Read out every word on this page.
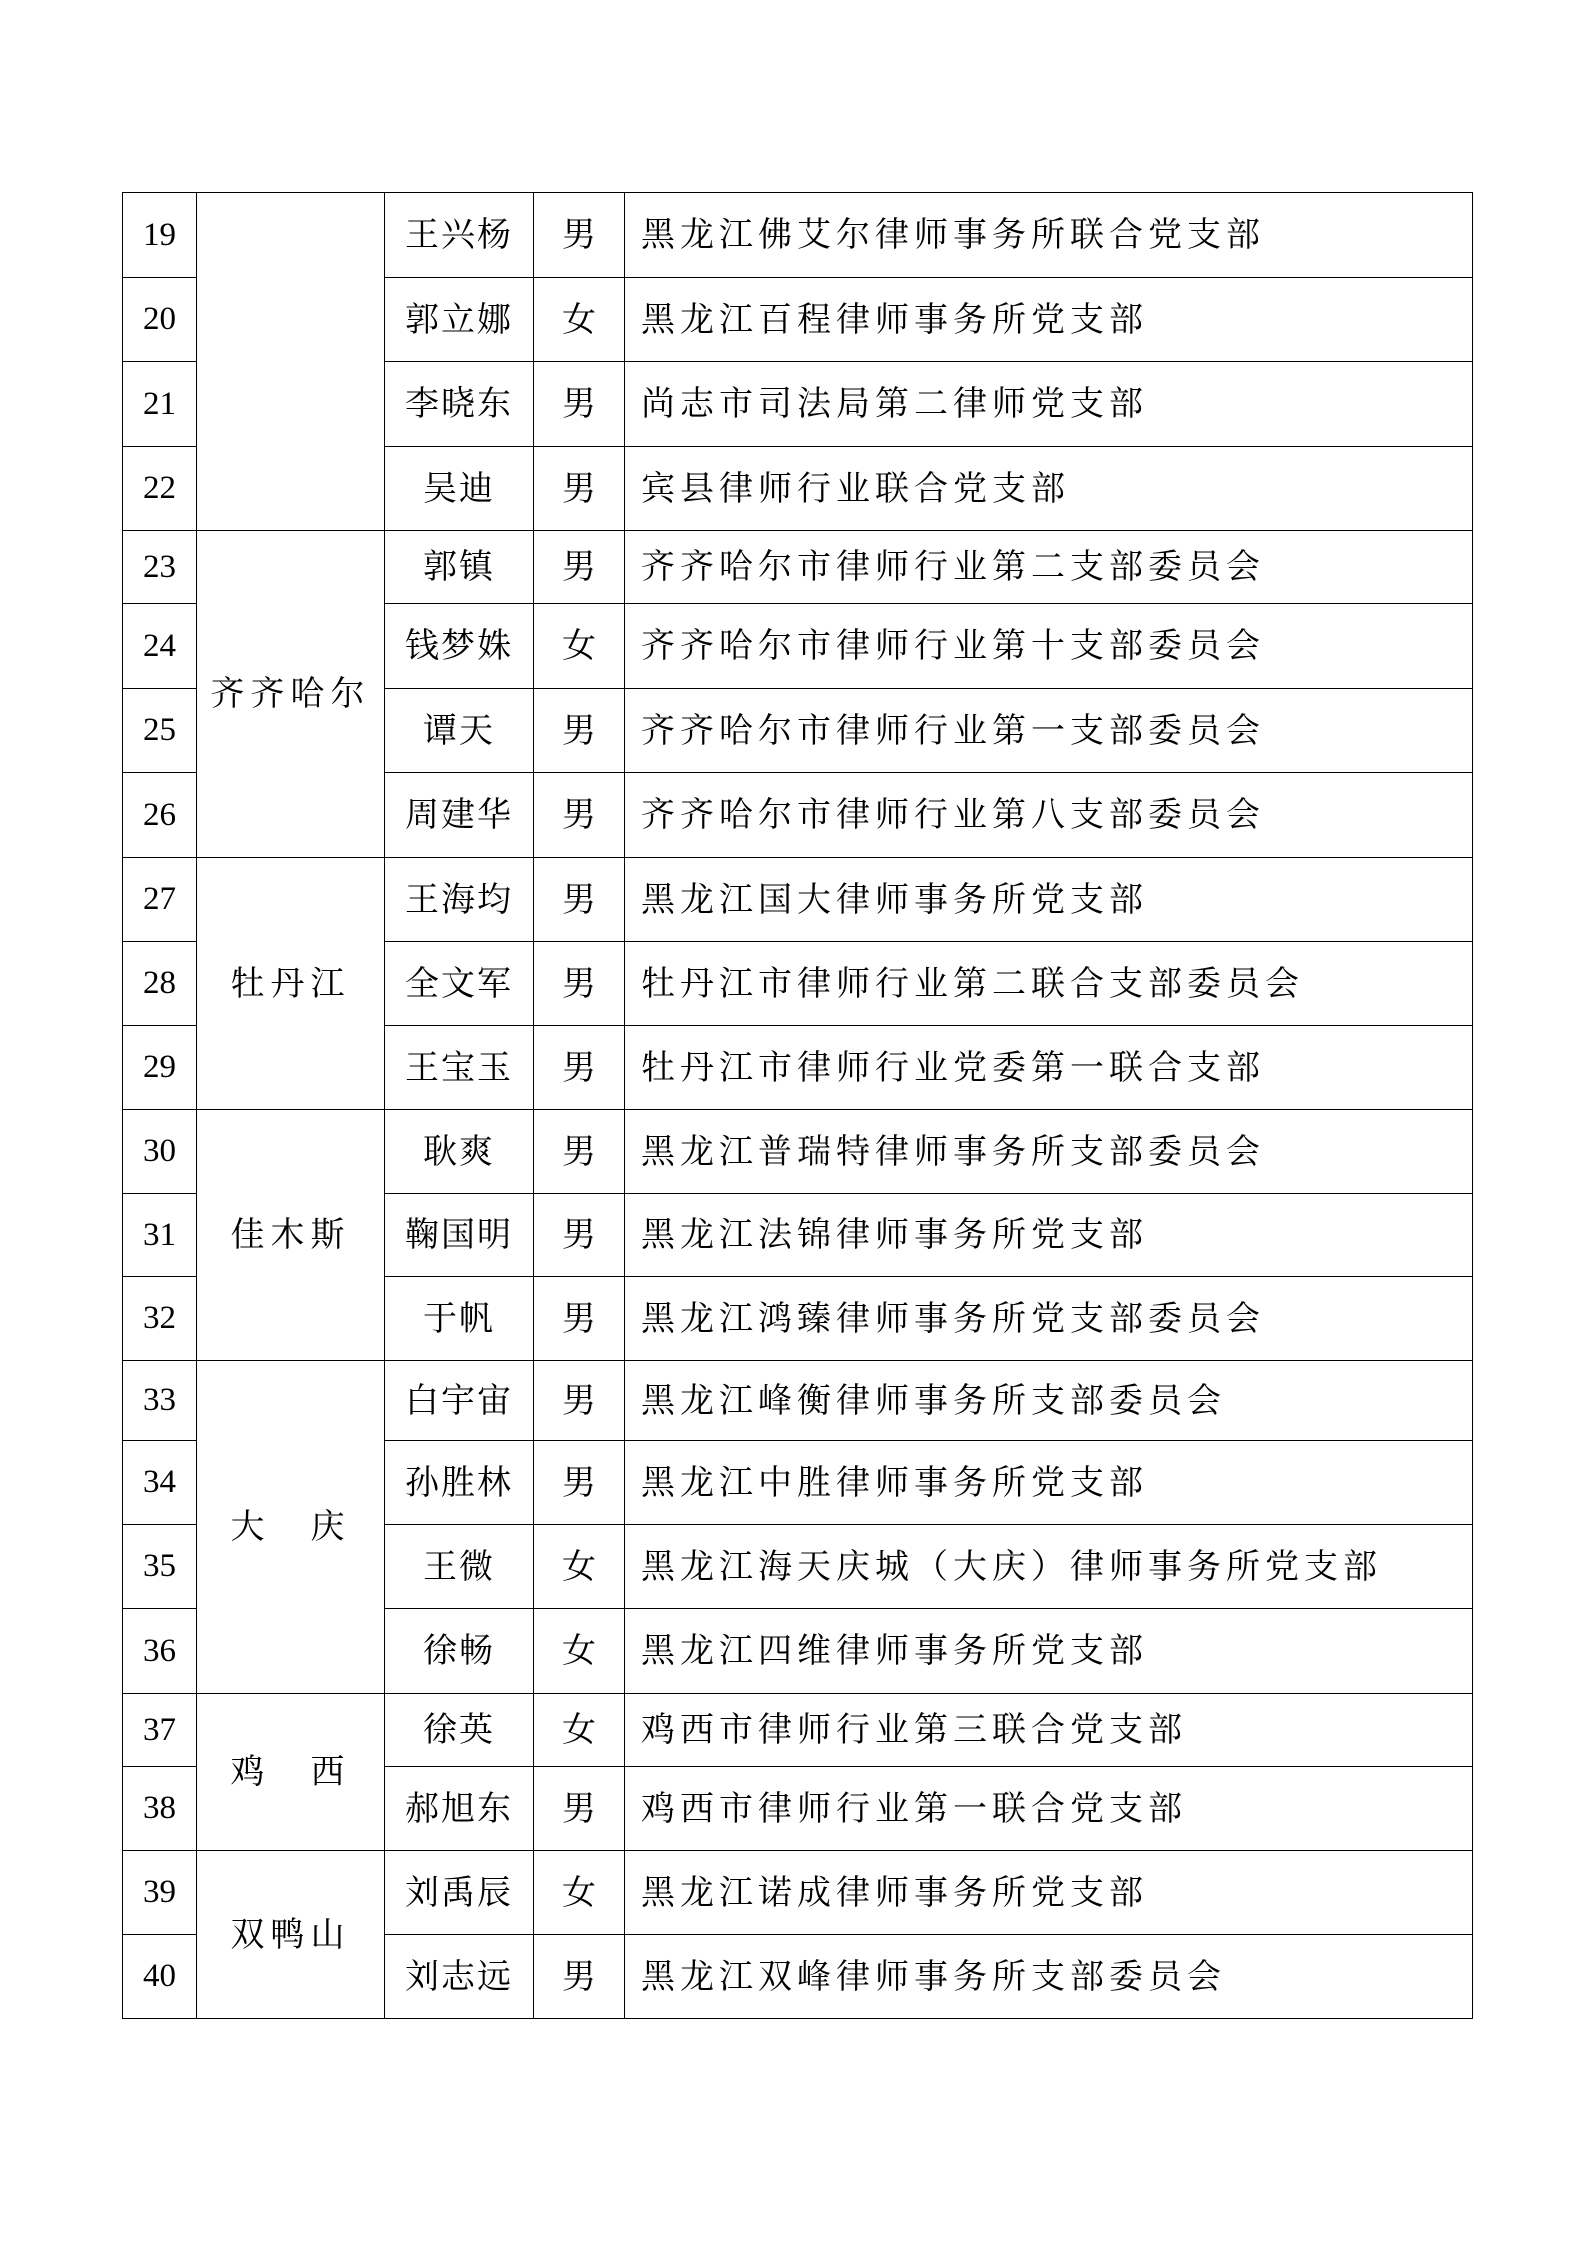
19		王兴杨	男	黑龙江佛艾尔律师事务所联合党支部
20		郭立娜	女	黑龙江百程律师事务所党支部
21		李晓东	男	尚志市司法局第二律师党支部
22		吴迪	男	宾县律师行业联合党支部
23	齐齐哈尔	郭镇	男	齐齐哈尔市律师行业第二支部委员会
24		钱梦姝	女	齐齐哈尔市律师行业第十支部委员会
25		谭天	男	齐齐哈尔市律师行业第一支部委员会
26		周建华	男	齐齐哈尔市律师行业第八支部委员会
27	牡丹江	王海均	男	黑龙江国大律师事务所党支部
28		全文军	男	牡丹江市律师行业第二联合支部委员会
29		王宝玉	男	牡丹江市律师行业党委第一联合支部
30	佳木斯	耿爽	男	黑龙江普瑞特律师事务所支部委员会
31		鞠国明	男	黑龙江法锦律师事务所党支部
32		于帆	男	黑龙江鸿臻律师事务所党支部委员会
33	大　庆	白宇宙	男	黑龙江峰衡律师事务所支部委员会
34		孙胜林	男	黑龙江中胜律师事务所党支部
35		王微	女	黑龙江海天庆城（大庆）律师事务所党支部
36		徐畅	女	黑龙江四维律师事务所党支部
37	鸡　西	徐英	女	鸡西市律师行业第三联合党支部
38		郝旭东	男	鸡西市律师行业第一联合党支部
39	双鸭山	刘禹辰	女	黑龙江诺成律师事务所党支部
40		刘志远	男	黑龙江双峰律师事务所支部委员会
